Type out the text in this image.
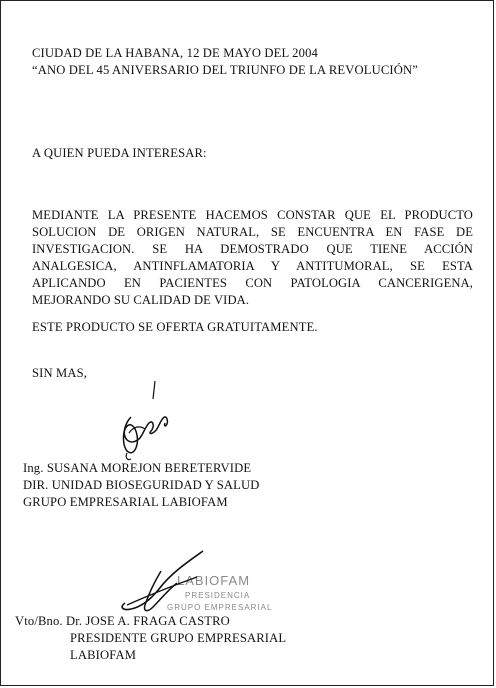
CIUDAD DE LA HABANA, 12 DE MAYO DEL 2004

“ANO DEL 45 ANIVERSARIO DEL TRIUNFO DE LA REVOLUCIÓN”

A QUIEN PUEDA INTERESAR:

MEDIANTE LA PRESENTE HACEMOS CONSTAR QUE EL PRODUCTO

SOLUCION DE ORIGEN NATURAL, SE ENCUENTRA EN FASE DE

INVESTIGACION. SE HA DEMOSTRADO QUE TIENE ACCIÓN

ANALGESICA, ANTINFLAMATORIA Y ANTITUMORAL, SE ESTA

APLICANDO EN PACIENTES CON PATOLOGIA CANCERIGENA,

MEJORANDO SU CALIDAD DE VIDA.

ESTE PRODUCTO SE OFERTA GRATUITAMENTE.

SIN MAS,

Ing. SUSANA MOREJON BERETERVIDE

DIR. UNIDAD BIOSEGURIDAD Y SALUD

GRUPO EMPRESARIAL LABIOFAM

LABIOFAM
PRESIDENCIA
GRUPO EMPRESARIAL

Vto/Bno. Dr. JOSE A. FRAGA CASTRO

PRESIDENTE GRUPO EMPRESARIAL

LABIOFAM
